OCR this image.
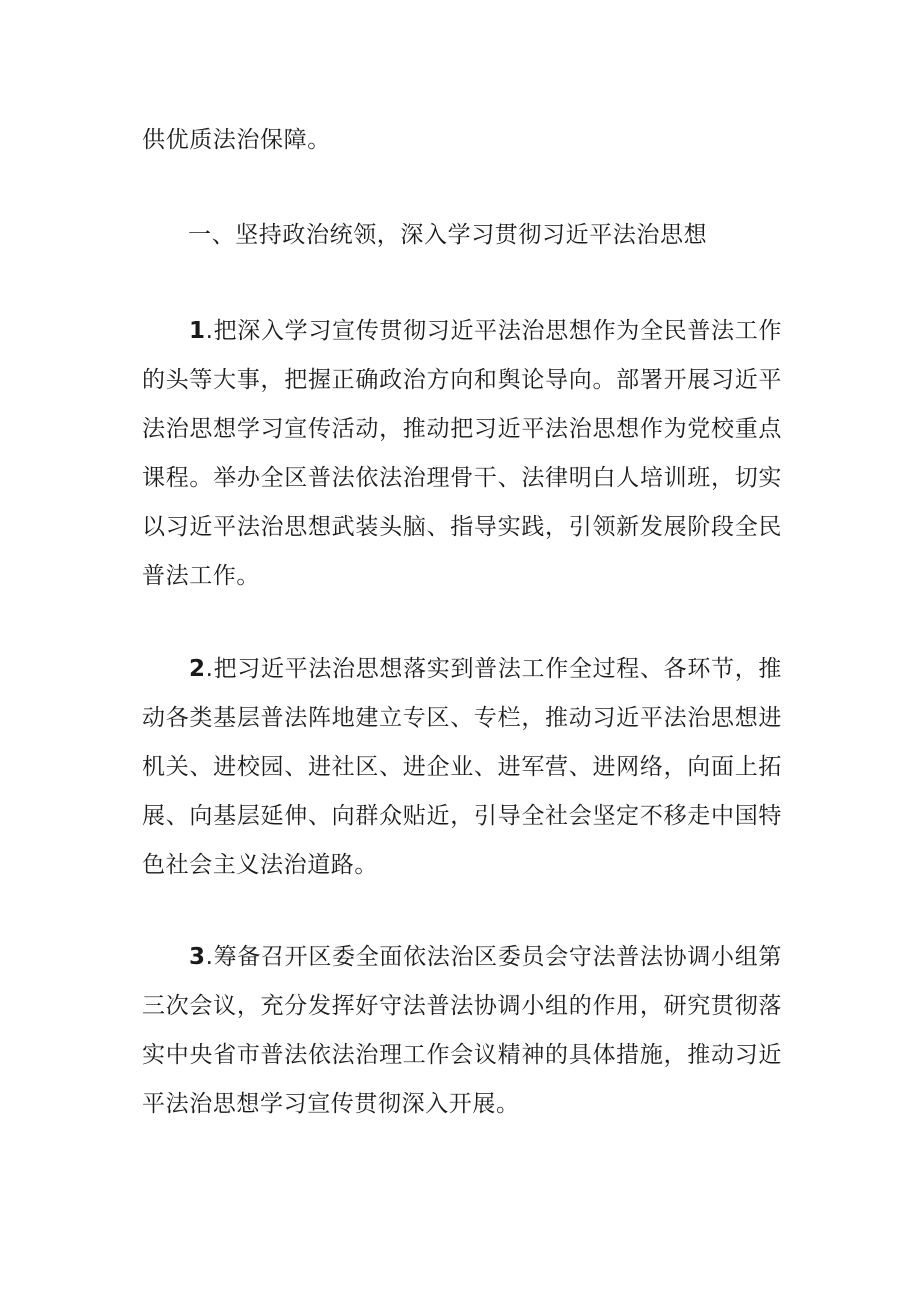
供优质法治保障。
一、坚持政治统领，深入学习贯彻习近平法治思想
1.把深入学习宣传贯彻习近平法治思想作为全民普法工作的头等大事，把握正确政治方向和舆论导向。部署开展习近平法治思想学习宣传活动，推动把习近平法治思想作为党校重点课程。举办全区普法依法治理骨干、法律明白人培训班，切实以习近平法治思想武装头脑、指导实践，引领新发展阶段全民普法工作。
2.把习近平法治思想落实到普法工作全过程、各环节，推动各类基层普法阵地建立专区、专栏，推动习近平法治思想进机关、进校园、进社区、进企业、进军营、进网络，向面上拓展、向基层延伸、向群众贴近，引导全社会坚定不移走中国特色社会主义法治道路。
3.筹备召开区委全面依法治区委员会守法普法协调小组第三次会议，充分发挥好守法普法协调小组的作用，研究贯彻落实中央省市普法依法治理工作会议精神的具体措施，推动习近平法治思想学习宣传贯彻深入开展。
